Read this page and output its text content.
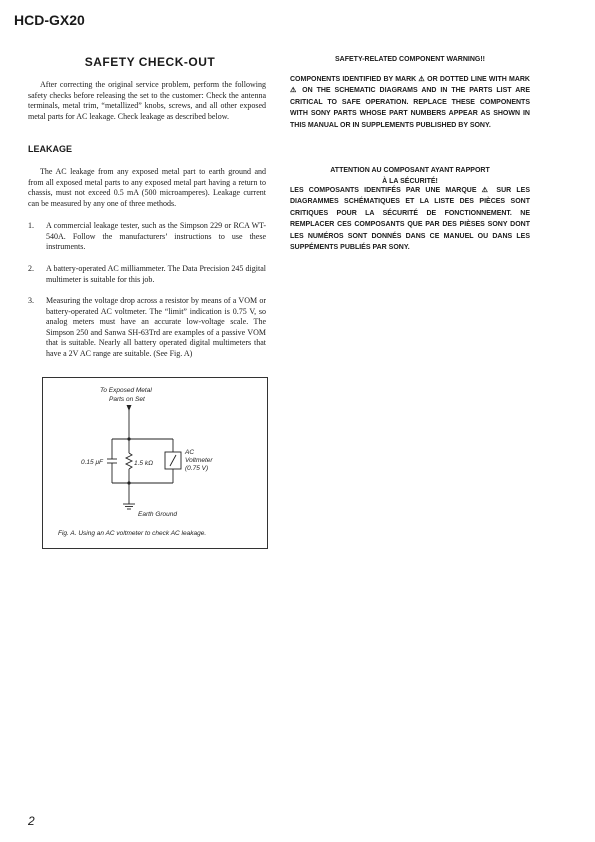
HCD-GX20
SAFETY CHECK-OUT

After correcting the original service problem, perform the following safety checks before releasing the set to the customer: Check the antenna terminals, metal trim, “metallized” knobs, screws, and all other exposed metal parts for AC leakage. Check leakage as described below.

LEAKAGE

The AC leakage from any exposed metal part to earth ground and from all exposed metal parts to any exposed metal part having a return to chassis, must not exceed 0.5 mA (500 microamperes). Leakage current can be measured by any one of three methods.

1.	A commercial leakage tester, such as the Simpson 229 or RCA WT-540A. Follow the manufacturers’ instructions to use these instruments.
2.	A battery-operated AC milliammeter. The Data Precision 245 digital multimeter is suitable for this job.
3.	Measuring the voltage drop across a resistor by means of a VOM or battery-operated AC voltmeter. The “limit” indication is 0.75 V, so analog meters must have an accurate low-voltage scale. The Simpson 250 and Sanwa SH-63Trd are examples of a passive VOM that is suitable. Nearly all battery operated digital multimeters that have a 2V AC range are suitable. (See Fig. A)
To Exposed Metal
Parts on Set
0.15 μF	1.5 kΩ
AC
Voltmeter
(0.75 V)
Earth Ground
Fig. A. Using an AC voltmeter to check AC leakage.
SAFETY-RELATED COMPONENT WARNING!!

COMPONENTS IDENTIFIED BY MARK ⚠ OR DOTTED LINE WITH MARK ⚠ ON THE SCHEMATIC DIAGRAMS AND IN THE PARTS LIST ARE CRITICAL TO SAFE OPERATION. REPLACE THESE COMPONENTS WITH SONY PARTS WHOSE PART NUMBERS APPEAR AS SHOWN IN THIS MANUAL OR IN SUPPLEMENTS PUBLISHED BY SONY.

ATTENTION AU COMPOSANT AYANT RAPPORT
À LA SÉCURITÉ!

LES COMPOSANTS IDENTIFÉS PAR UNE MARQUE ⚠ SUR LES DIAGRAMMES SCHÉMATIQUES ET LA LISTE DES PIÈCES SONT CRITIQUES POUR LA SÉCURITÉ DE FONCTIONNEMENT. NE REMPLACER CES COMPOSANTS QUE PAR DES PIÈSES SONY DONT LES NUMÉROS SONT DONNÉS DANS CE MANUEL OU DANS LES SUPPÉMENTS PUBLIÉS PAR SONY.

2
